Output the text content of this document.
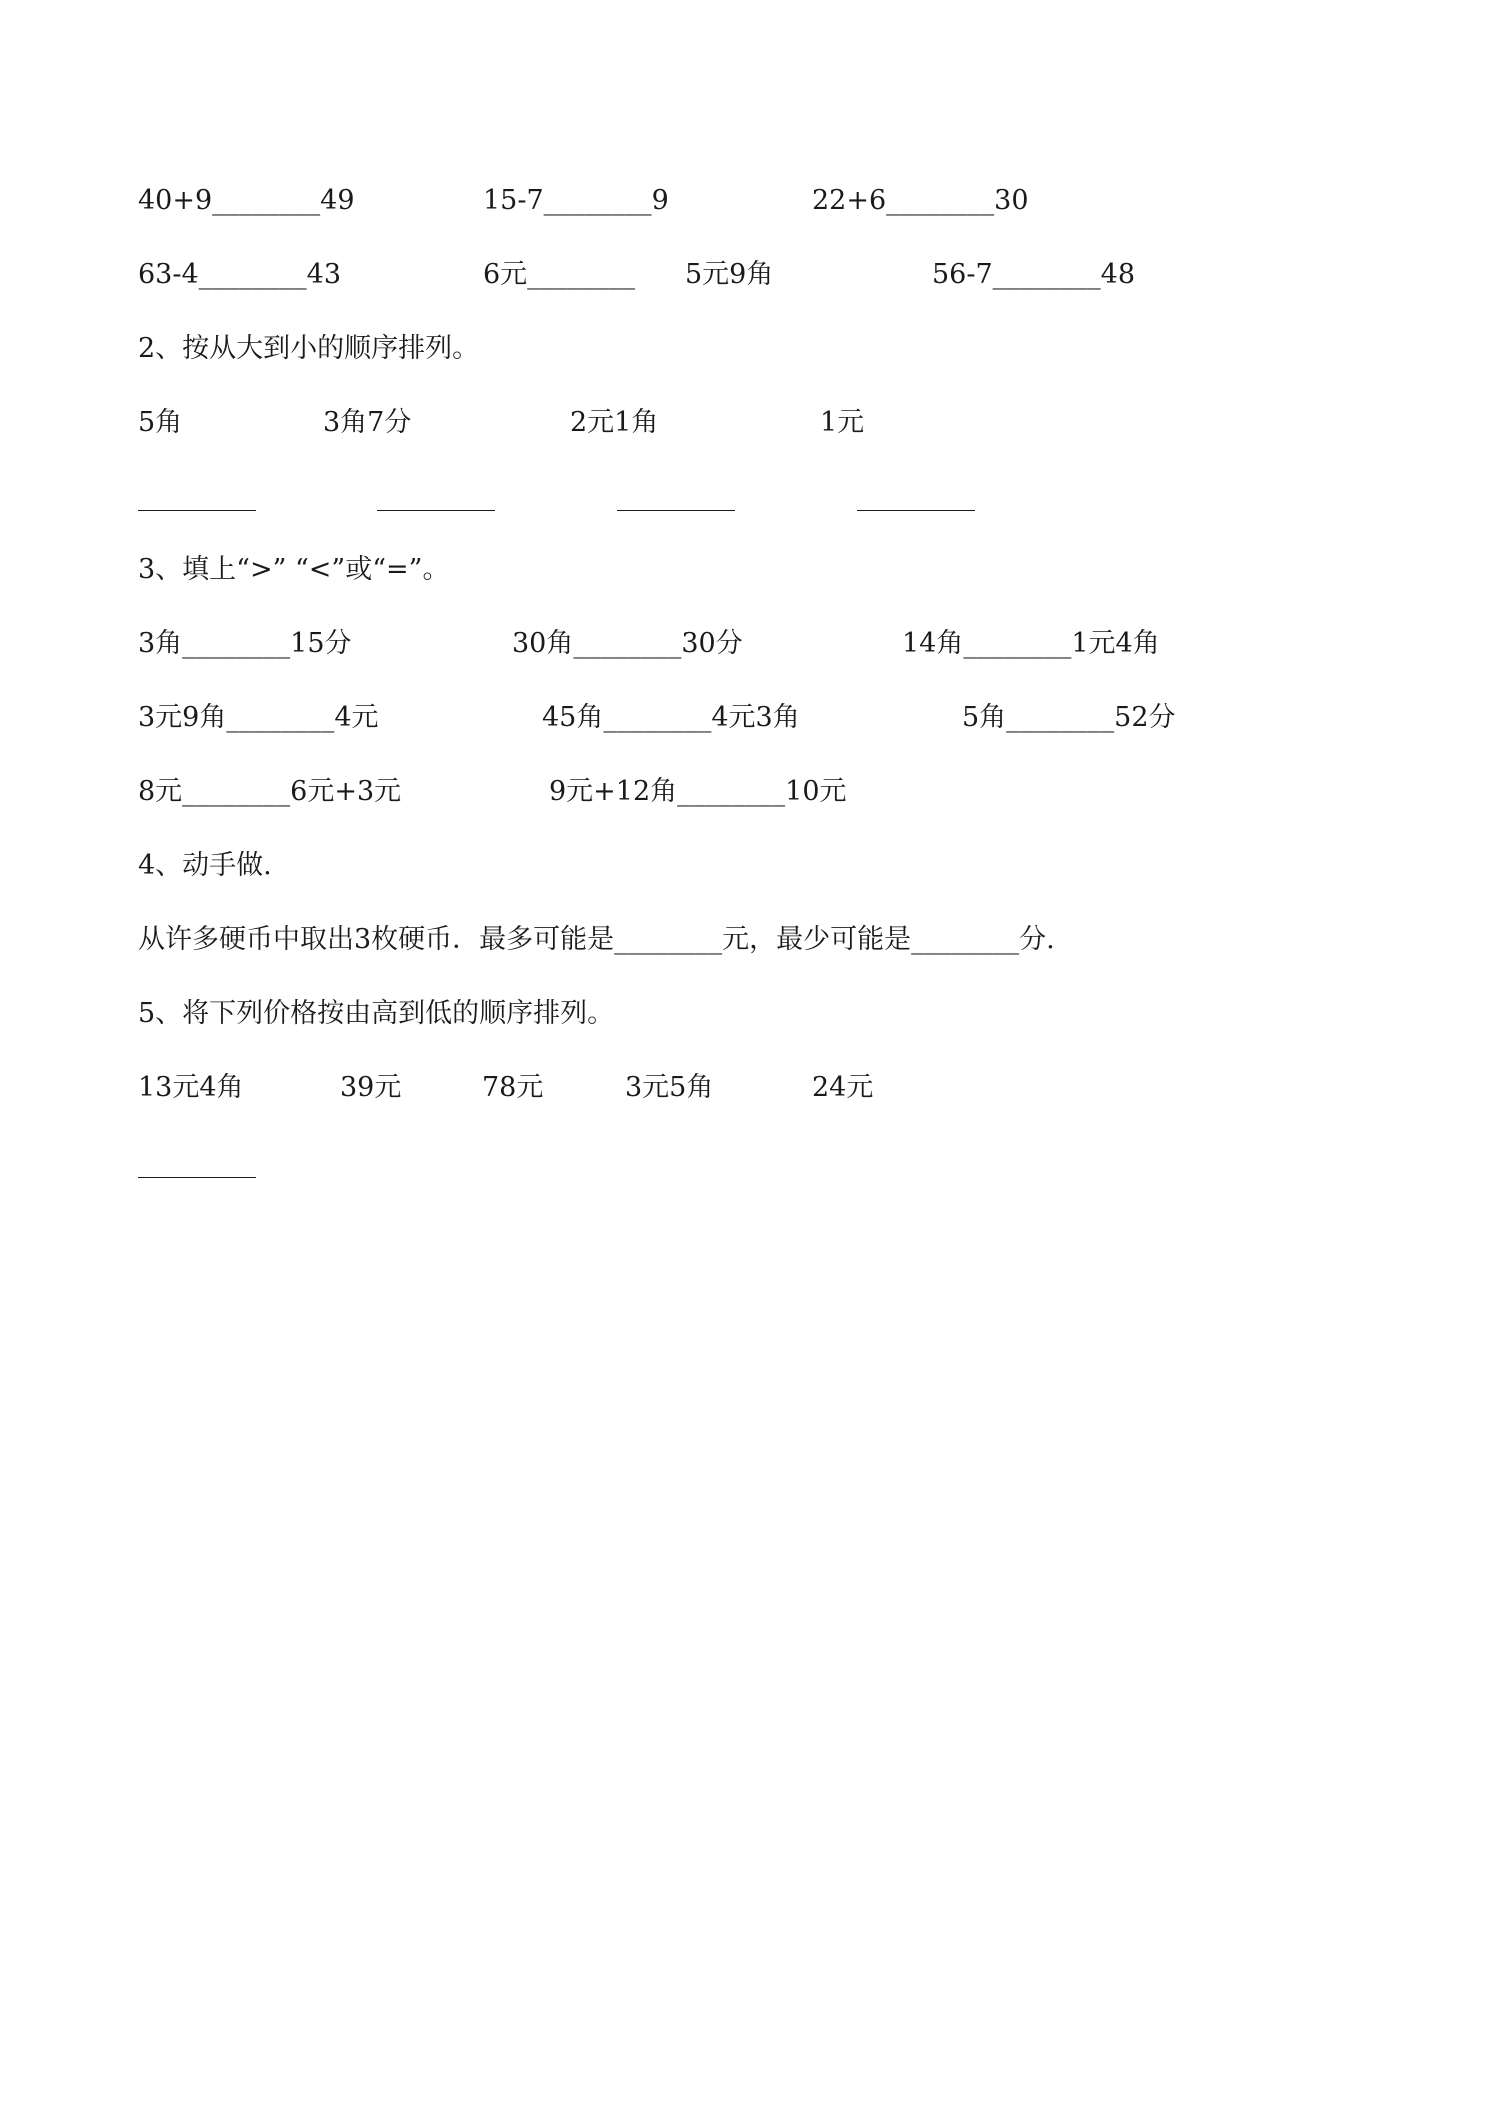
40+9________49	15-7________9	22+6________30
63-4________43	6元________ 5元9角	56-7________48
2、按从大到小的顺序排列。
5角	3角7分	2元1角	1元
3、填上“>” “<”或“=”。
3角________15分	30角________30分	14角________1元4角
3元9角________4元	45角________4元3角	5角________52分
8元________6元+3元	9元+12角________10元
4、动手做.
从许多硬币中取出3枚硬币．最多可能是________元，最少可能是________分.
5、将下列价格按由高到低的顺序排列。
13元4角	39元	78元	3元5角	24元
